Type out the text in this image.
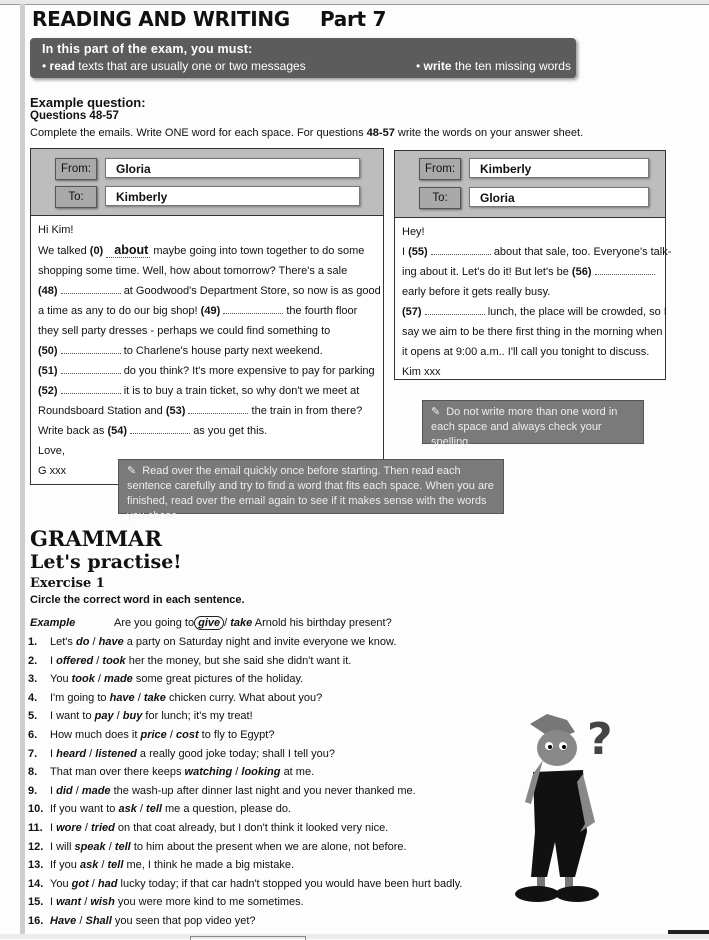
READING AND WRITING Part 7
In this part of the exam, you must:
• read texts that are usually one or two messages	• write the ten missing words
Example question:
Questions 48-57
Complete the emails. Write ONE word for each space. For questions 48-57 write the words on your answer sheet.
From:	Gloria
To:	Kimberly
Hi Kim!
We talked (0) about maybe going into town together to do some
shopping some time. Well, how about tomorrow? There's a sale
(48)	at Goodwood's Department Store, so now is as good
a time as any to do our big shop! (49)	the fourth floor
they sell party dresses - perhaps we could find something to
(50)	to Charlene's house party next weekend.
(51)	do you think? It's more expensive to pay for parking
(52)	it is to buy a train ticket, so why don't we meet at
Roundsboard Station and (53)	the train in from there?
Write back as (54)	as you get this.
Love,
G xxx
From:	Kimberly
To:	Gloria
Hey!
I (55)	about that sale, too. Everyone's talk-
ing about it. Let's do it! But let's be (56)
early before it gets really busy.
(57)	lunch, the place will be crowded, so I
say we aim to be there first thing in the morning when
it opens at 9:00 a.m.. I'll call you tonight to discuss.
Kim xxx
✎ Do not write more than one word in each space and always check your spelling.
✎ Read over the email quickly once before starting. Then read each sentence carefully and try to find a word that fits each space. When you are finished, read over the email again to see if it makes sense with the words you chose.
GRAMMAR
Let's practise!
Exercise 1
Circle the correct word in each sentence.
Example	Are you going to give / take Arnold his birthday present?
1. Let's do / have a party on Saturday night and invite everyone we know.
2. I offered / took her the money, but she said she didn't want it.
3. You took / made some great pictures of the holiday.
4. I'm going to have / take chicken curry. What about you?
5. I want to pay / buy for lunch; it's my treat!
6. How much does it price / cost to fly to Egypt?
7. I heard / listened a really good joke today; shall I tell you?
8. That man over there keeps watching / looking at me.
9. I did / made the wash-up after dinner last night and you never thanked me.
10. If you want to ask / tell me a question, please do.
11. I wore / tried on that coat already, but I don't think it looked very nice.
12. I will speak / tell to him about the present when we are alone, not before.
13. If you ask / tell me, I think he made a big mistake.
14. You got / had lucky today; if that car hadn't stopped you would have been hurt badly.
15. I want / wish you were more kind to me sometimes.
16. Have / Shall you seen that pop video yet?
?
